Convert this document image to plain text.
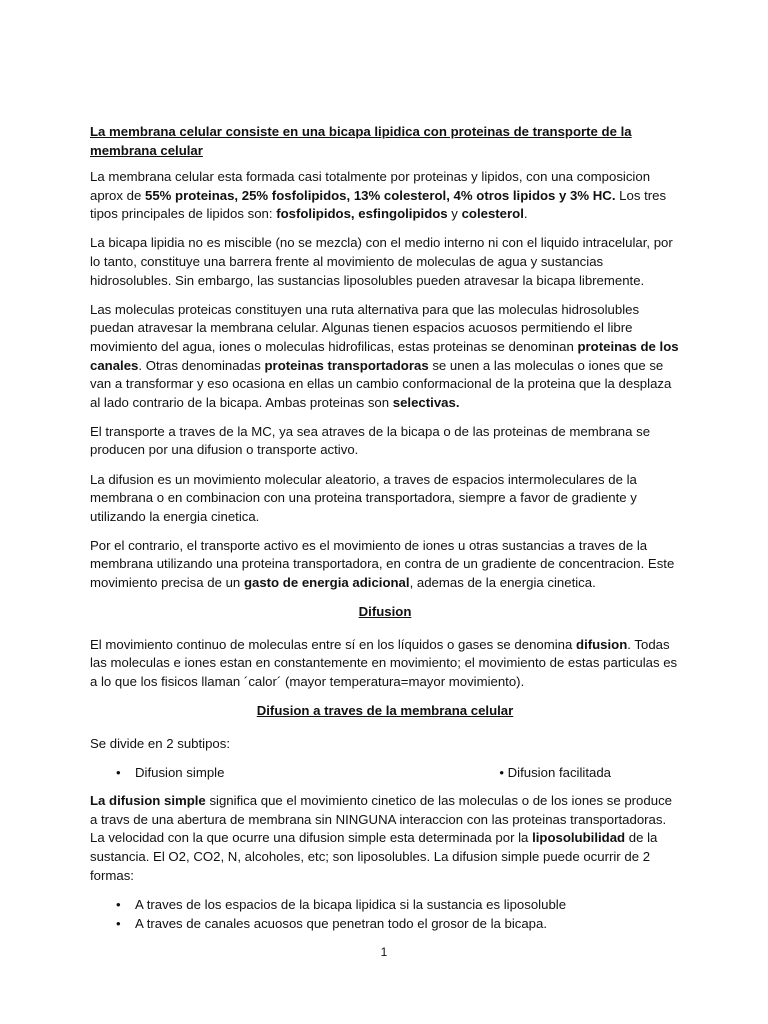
La membrana celular consiste en una bicapa lipidica con proteinas de transporte de la membrana celular

La membrana celular esta formada casi totalmente por proteinas y lipidos, con una composicion aprox de 55% proteinas, 25% fosfolipidos, 13% colesterol, 4% otros lipidos y 3% HC. Los tres tipos principales de lipidos son: fosfolipidos, esfingolipidos y colesterol.

La bicapa lipidia no es miscible (no se mezcla) con el medio interno ni con el liquido intracelular, por lo tanto, constituye una barrera frente al movimiento de moleculas de agua y sustancias hidrosolubles. Sin embargo, las sustancias liposolubles pueden atravesar la bicapa libremente.

Las moleculas proteicas constituyen una ruta alternativa para que las moleculas hidrosolubles puedan atravesar la membrana celular. Algunas tienen espacios acuosos permitiendo el libre movimiento del agua, iones o moleculas hidrofilicas, estas proteinas se denominan proteinas de los canales. Otras denominadas proteinas transportadoras se unen a las moleculas o iones que se van a transformar y eso ocasiona en ellas un cambio conformacional de la proteina que la desplaza al lado contrario de la bicapa. Ambas proteinas son selectivas.

El transporte a traves de la MC, ya sea atraves de la bicapa o de las proteinas de membrana se producen por una difusion o transporte activo.

La difusion es un movimiento molecular aleatorio, a traves de espacios intermoleculares de la membrana o en combinacion con una proteina transportadora, siempre a favor de gradiente y utilizando la energia cinetica.

Por el contrario, el transporte activo es el movimiento de iones u otras sustancias a traves de la membrana utilizando una proteina transportadora, en contra de un gradiente de concentracion. Este movimiento precisa de un gasto de energia adicional, ademas de la energia cinetica.

Difusion

El movimiento continuo de moleculas entre sí en los líquidos o gases se denomina difusion. Todas las moleculas e iones estan en constantemente en movimiento; el movimiento de estas particulas es a lo que los fisicos llaman ´calor´ (mayor temperatura=mayor movimiento).

Difusion a traves de la membrana celular

Se divide en 2 subtipos:

•	Difusion simple	•
Difusion facilitada

La difusion simple significa que el movimiento cinetico de las moleculas o de los iones se produce a travs de una abertura de membrana sin NINGUNA interaccion con las proteinas transportadoras. La velocidad con la que ocurre una difusion simple esta determinada por la liposolubilidad de la sustancia. El O2, CO2, N, alcoholes, etc; son liposolubles. La difusion simple puede ocurrir de 2 formas:

•	A traves de los espacios de la bicapa lipidica si la sustancia es liposoluble
•	A traves de canales acuosos que penetran todo el grosor de la bicapa.
1
